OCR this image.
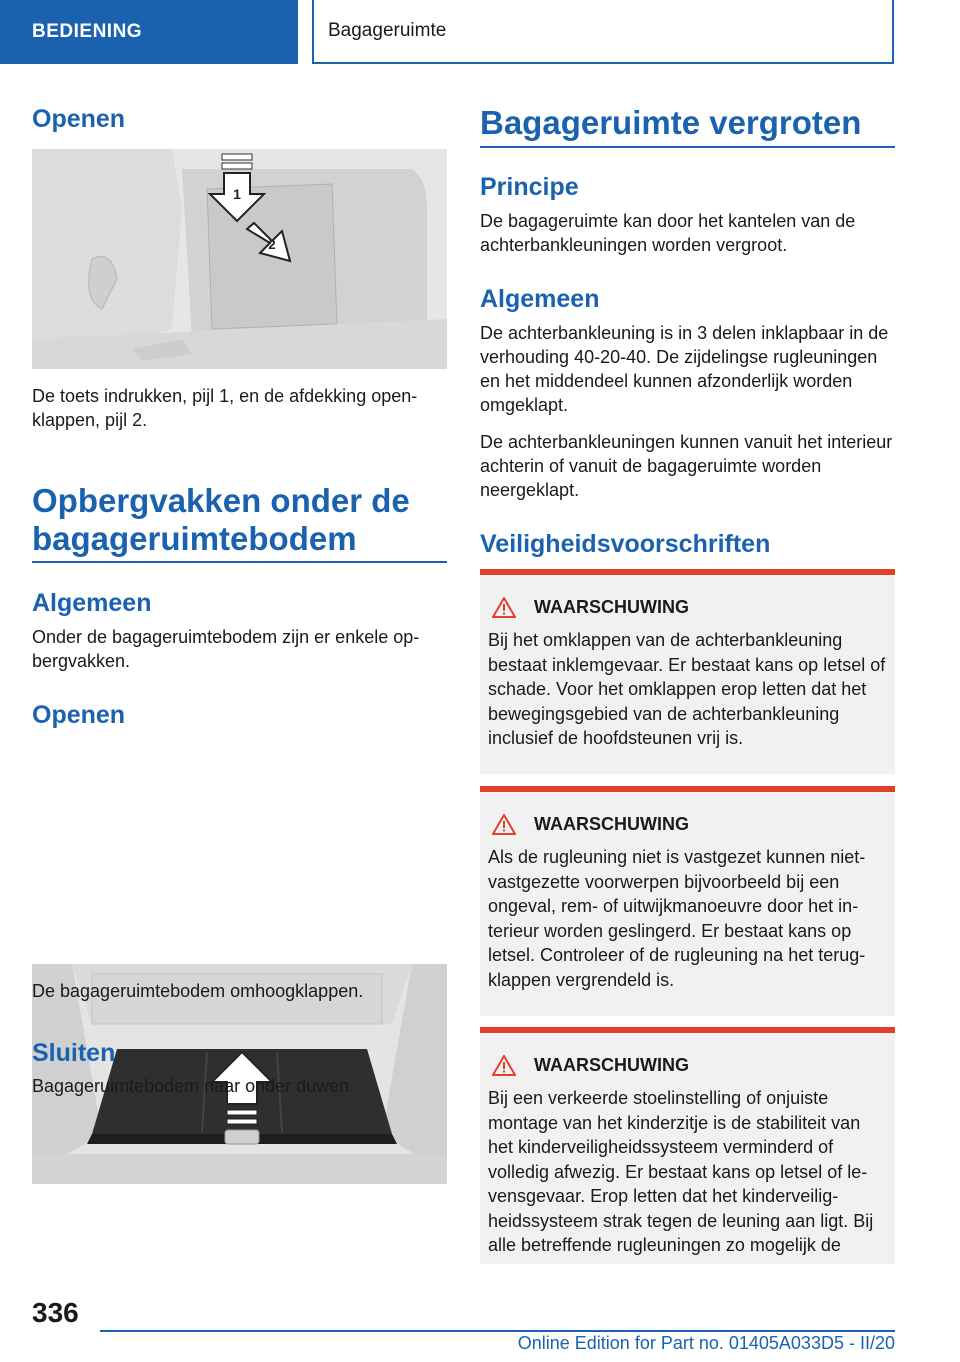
BEDIENING	Bagageruimte
Openen
1
2

De toets indrukken, pijl 1, en de afdekking openklappen, pijl 2.

Opbergvakken onder de bagageruimtebodem
Algemeen

Onder de bagageruimtebodem zijn er enkele opbergvakken.

Openen

De bagageruimtebodem omhoogklappen.

Sluiten

Bagageruimtebodem naar onder duwen.

Bagageruimte vergroten
Principe

De bagageruimte kan door het kantelen van de achterbankleuningen worden vergroot.

Algemeen

De achterbankleuning is in 3 delen inklapbaar in de verhouding 40-20-40. De zijdelingse rugleuningen en het middendeel kunnen afzonderlijk worden omgeklapt.

De achterbankleuningen kunnen vanuit het interieur achterin of vanuit de bagageruimte worden neergeklapt.

Veiligheidsvoorschriften
WAARSCHUWING

Bij het omklappen van de achterbankleuning bestaat inklemgevaar. Er bestaat kans op letsel of schade. Voor het omklappen erop letten dat het bewegingsgebied van de achterbankleuning inclusief de hoofdsteunen vrij is.

WAARSCHUWING

Als de rugleuning niet is vastgezet kunnen niet-vastgezette voorwerpen bijvoorbeeld bij een ongeval, rem- of uitwijkmanoeuvre door het interieur worden geslingerd. Er bestaat kans op letsel. Controleer of de rugleuning na het terugklappen vergrendeld is.

WAARSCHUWING

Bij een verkeerde stoelinstelling of onjuiste montage van het kinderzitje is de stabiliteit van het kinderveiligheidssysteem verminderd of volledig afwezig. Er bestaat kans op letsel of levensgevaar. Erop letten dat het kinderveiligheidssysteem strak tegen de leuning aan ligt. Bij alle betreffende rugleuningen zo mogelijk de

336
Online Edition for Part no. 01405A033D5 - II/20
